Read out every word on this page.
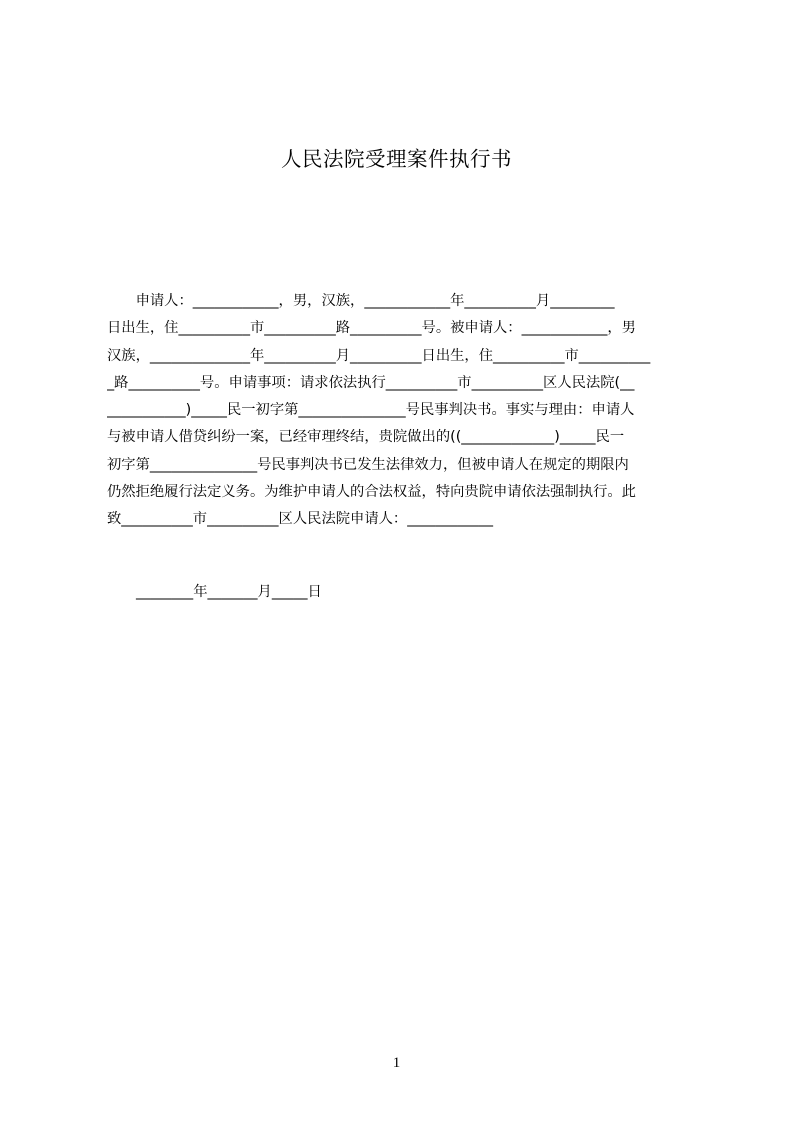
人民法院受理案件执行书
　　申请人：____________，男，汉族，____________年__________月_________
日出生，住__________市__________路__________号。被申请人：____________，男
汉族，______________年__________月__________日出生，住__________市__________
_路__________号。申请事项：请求依法执行__________市__________区人民法院(__
___________)_____民一初字第_______________号民事判决书。事实与理由：申请人
与被申请人借贷纠纷一案，已经审理终结，贵院做出的((_____________)_____民一
初字第_______________号民事判决书已发生法律效力，但被申请人在规定的期限内
仍然拒绝履行法定义务。为维护申请人的合法权益，特向贵院申请依法强制执行。此
致__________市__________区人民法院申请人：____________
________年_______月_____日
1
